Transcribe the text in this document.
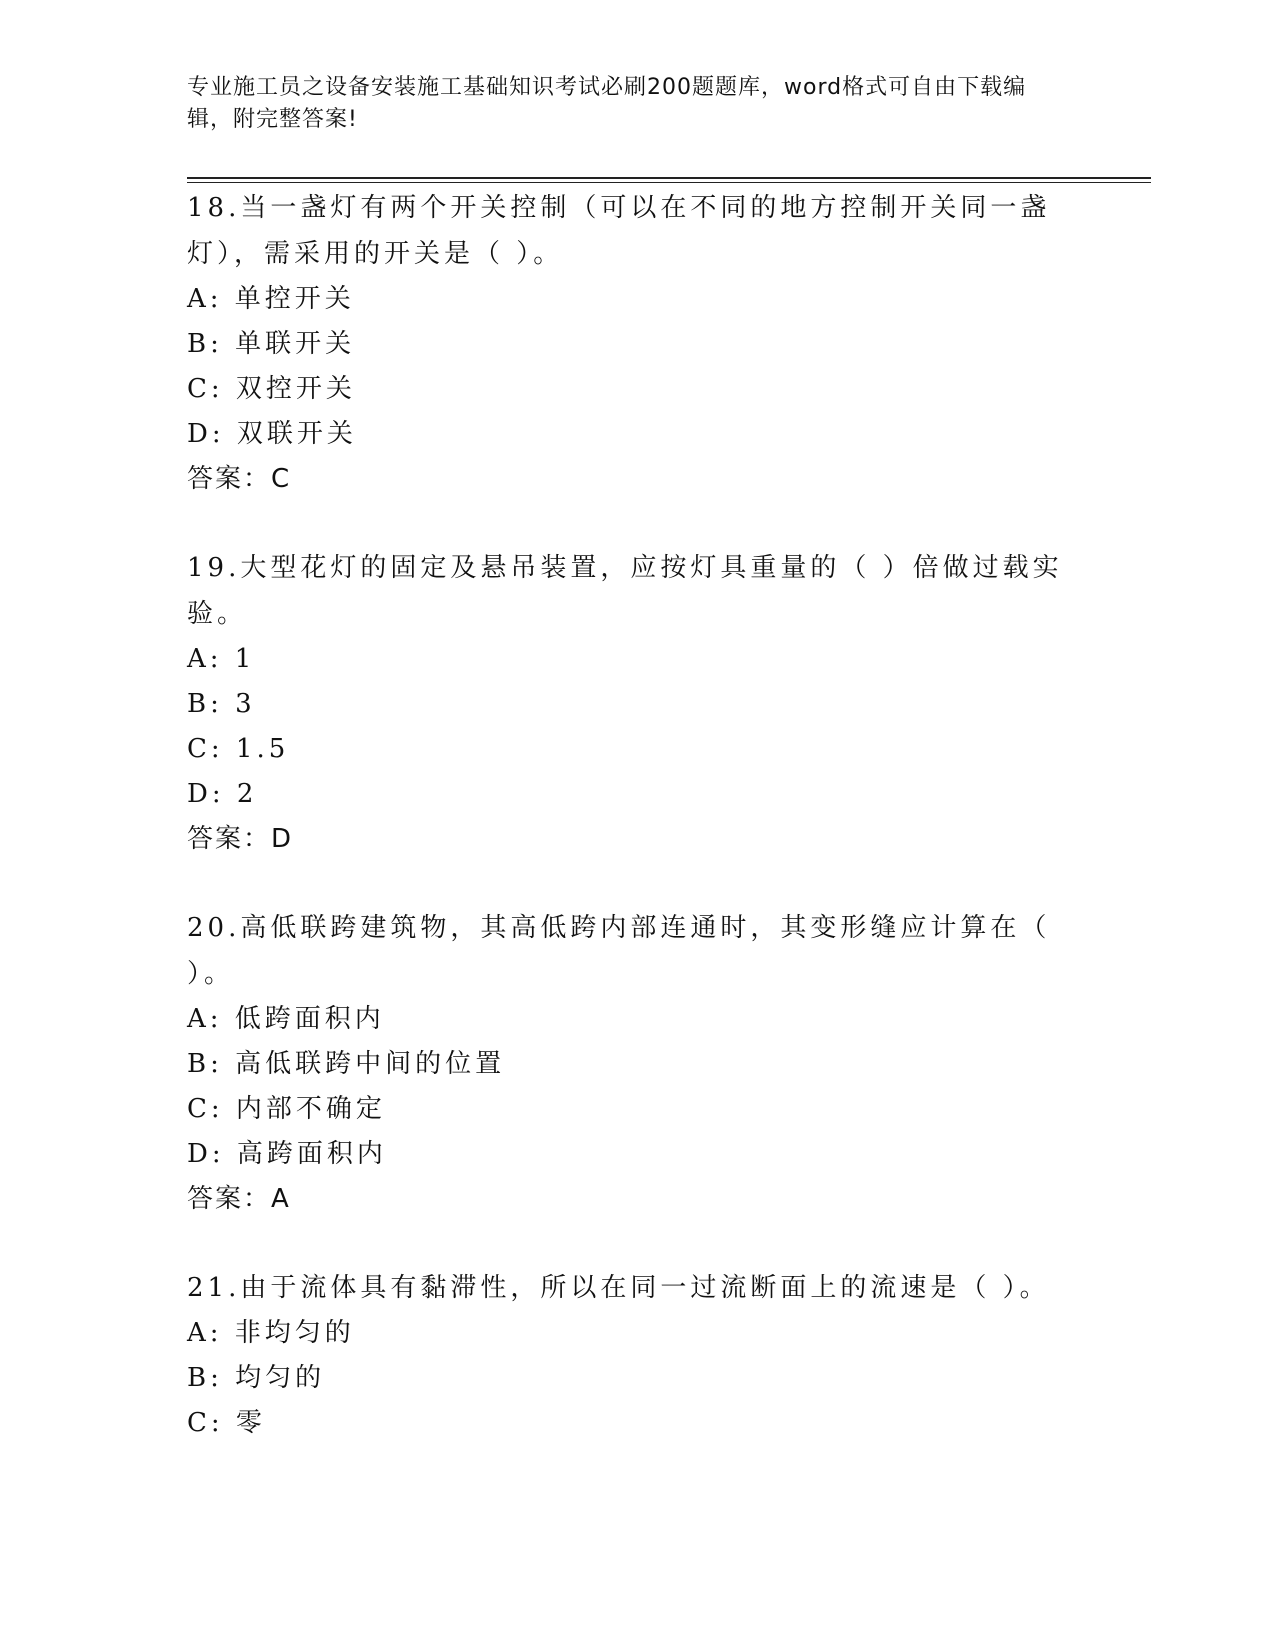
专业施工员之设备安装施工基础知识考试必刷200题题库，word格式可自由下载编辑，附完整答案!
18.当一盏灯有两个开关控制（可以在不同的地方控制开关同一盏灯），需采用的开关是（ ）。
A: 单控开关
B: 单联开关
C: 双控开关
D: 双联开关
答案：C
19.大型花灯的固定及悬吊装置，应按灯具重量的（ ）倍做过载实验。
A: 1
B: 3
C: 1.5
D: 2
答案：D
20.高低联跨建筑物，其高低跨内部连通时，其变形缝应计算在（ ）。
A: 低跨面积内
B: 高低联跨中间的位置
C: 内部不确定
D: 高跨面积内
答案：A
21.由于流体具有黏滞性，所以在同一过流断面上的流速是（ ）。
A: 非均匀的
B: 均匀的
C: 零
